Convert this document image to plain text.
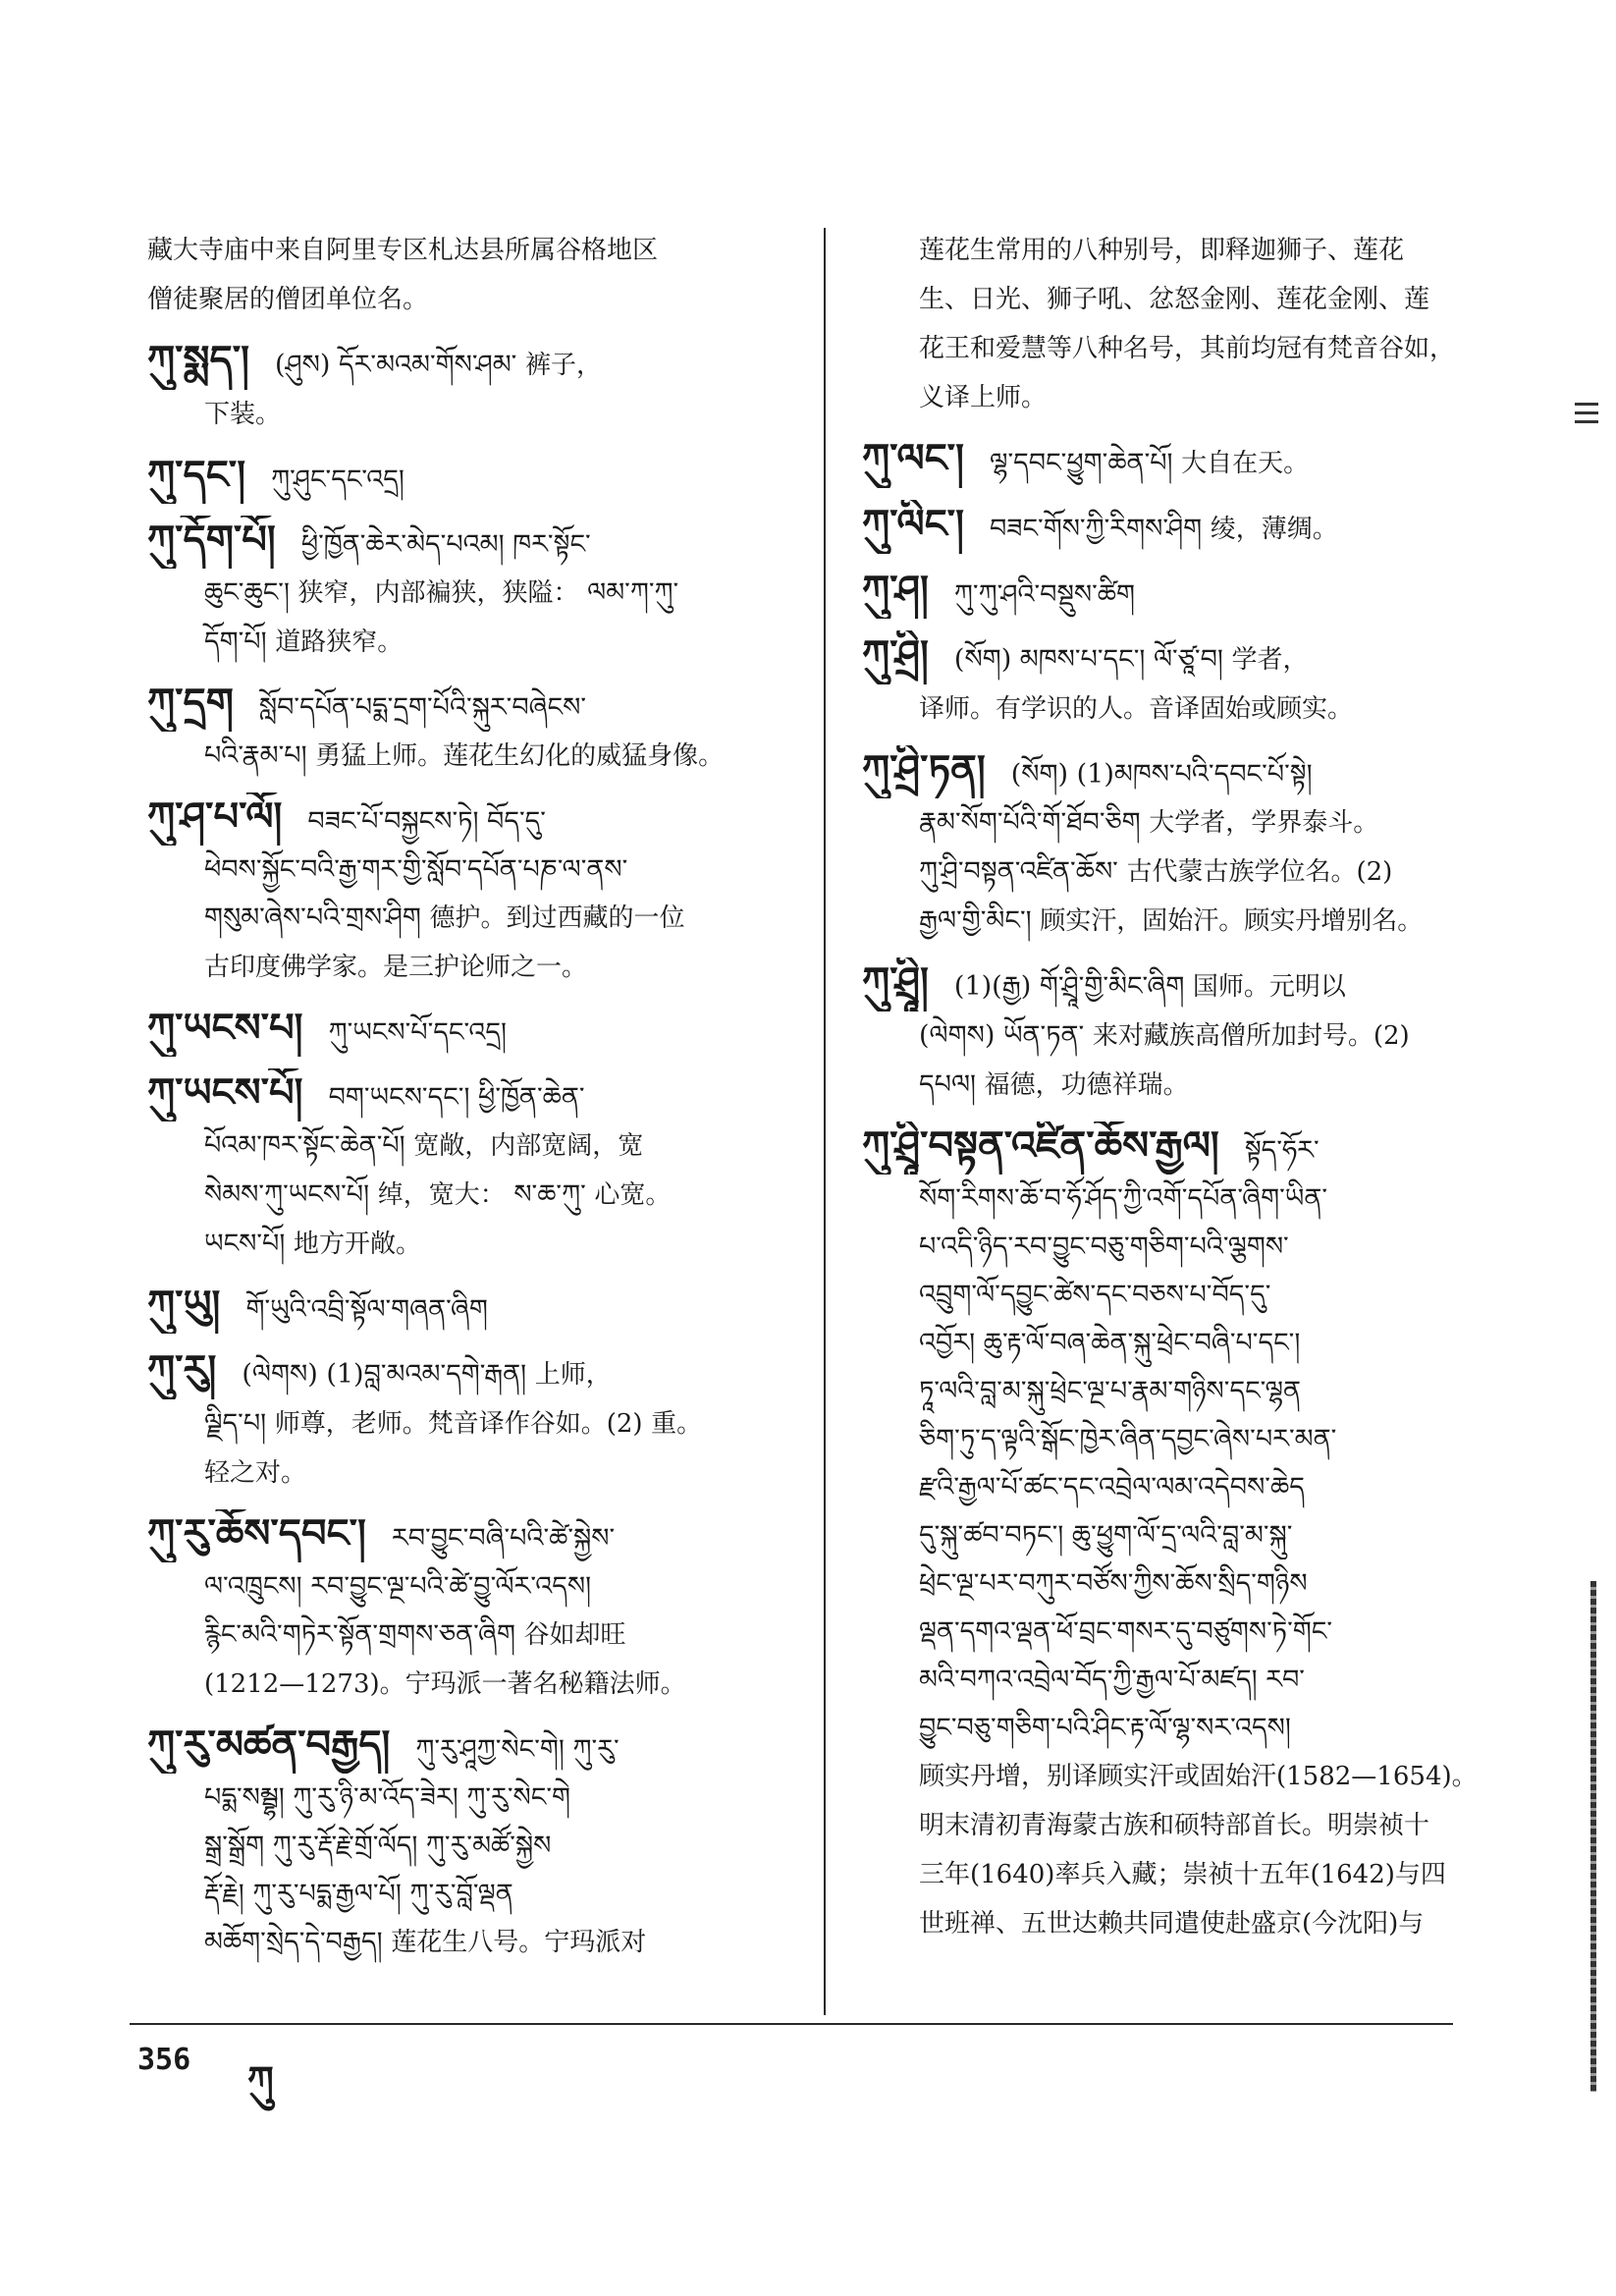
藏大寺庙中来自阿里专区札达县所属谷格地区
僧徒聚居的僧团单位名。
ཀུ་སྨད་། (ཤུས) དོར་མའམ་གོས་ཤམ་ 裤子，
下装。
ཀུ་དང་། ཀུ་ཤུང་དང་འདྲ།
ཀུ་དོག་པོ། ཕྱི་ཁྱོན་ཆེར་མེད་པའམ། ཁར་སྟོང་
ཆུང་ཆུང་། 狭窄，内部褊狭，狭隘： ལམ་ཀ་ཀུ་
དོག་པོ། 道路狭窄。
ཀུ་དྲག སློབ་དཔོན་པདྨ་དྲག་པོའི་སྐུར་བཞེངས་
པའི་རྣམ་པ། 勇猛上师。莲花生幻化的威猛身像。
ཀུ་ཤ་པ་ལོ། བཟང་པོ་བསྐྱངས་ཏེ། བོད་དུ་
ཕེབས་སྐྱོང་བའི་རྒྱ་གར་གྱི་སློབ་དཔོན་པཎ་ལ་ནས་
གསུམ་ཞེས་པའི་གྲས་ཤིག 德护。到过西藏的一位
古印度佛学家。是三护论师之一。
ཀུ་ཡངས་པ། ཀུ་ཡངས་པོ་དང་འདྲ།
ཀུ་ཡངས་པོ། བག་ཡངས་དང་། ཕྱི་ཁྱོན་ཆེན་
པོའམ་ཁར་སྟོང་ཆེན་པོ། 宽敞，内部宽阔，宽
སེམས་ཀུ་ཡངས་པོ། 绰，宽大： ས་ཆ་ཀུ་ 心宽。
ཡངས་པོ། 地方开敞。
ཀུ་ཡུ། གོ་ཡུའི་འབྲི་སྟོལ་གཞན་ཞིག
ཀུ་རུ། (ལེགས) (1)བླ་མའམ་དགེ་རྒན། 上师，
ལྗིད་པ། 师尊，老师。梵音译作谷如。(2) 重。
轻之对。
ཀུ་རུ་ཆོས་དབང་། རབ་བྱུང་བཞི་པའི་ཚེ་སྐྱེས་
ལ་འཁྲུངས། རབ་བྱུང་ལྔ་པའི་ཚེ་བྱུ་ལོར་འདས།
རྙིང་མའི་གཏེར་སྟོན་གྲགས་ཅན་ཞིག 谷如却旺
(1212—1273)。宁玛派一著名秘籍法师。
ཀུ་རུ་མཚན་བརྒྱད། ཀུ་རུ་ཤཱཀྱ་སེང་གེ། ཀུ་རུ་
པདྨ་སམྦྷ། ཀུ་རུ་ཉི་མ་འོད་ཟེར། ཀུ་རུ་སེང་གེ
སྒྲ་སྒྲོག ཀུ་རུ་རྡོ་རྗེ་གྲོ་ལོད། ཀུ་རུ་མཚོ་སྐྱེས
རྡོ་རྗེ། ཀུ་རུ་པདྨ་རྒྱལ་པོ། ཀུ་རུ་བློ་ལྡན
མཆོག་སྲེད་དེ་བརྒྱད། 莲花生八号。宁玛派对
莲花生常用的八种别号，即释迦狮子、莲花
生、日光、狮子吼、忿怒金刚、莲花金刚、莲
花王和爱慧等八种名号，其前均冠有梵音谷如，
义译上师。
ཀུ་ལང་། ལྷ་དབང་ཕྱུག་ཆེན་པོ། 大自在天。
ཀུ་ལིང་། བཟང་གོས་ཀྱི་རིགས་ཤིག 绫，薄绸。
ཀུ་ཤ། ཀུ་ཀུ་ཤའི་བསྡུས་ཚིག
ཀུ་ཤྲི། (སོག) མཁས་པ་དང་། ལོ་ཙཱ་བ། 学者，
译师。有学识的人。音译固始或顾实。
ཀུ་ཤྲི་ཏན། (སོག) (1)མཁས་པའི་དབང་པོ་སྟེ།
རྣམ་སོག་པོའི་གོ་ཐོབ་ཅིག 大学者，学界泰斗。
ཀུ་ཤྲི་བསྟན་འཛིན་ཆོས་ 古代蒙古族学位名。(2)
རྒྱལ་གྱི་མིང་། 顾实汗，固始汗。顾实丹增别名。
ཀུ་ཤྲཱི། (1)(རྒྱ) གོ་ཤྲཱི་གྱི་མིང་ཞིག 国师。元明以
(ལེགས) ཡོན་ཏན་ 来对藏族高僧所加封号。(2)
དཔལ། 福德，功德祥瑞。
ཀུ་ཤྲཱི་བསྟན་འཛིན་ཆོས་རྒྱལ། སྟོད་ཧོར་
སོག་རིགས་ཆོ་བ་ཧོ་ཤོད་ཀྱི་འགོ་དཔོན་ཞིག་ཡིན་
པ་འདི་ཉིད་རབ་བྱུང་བཅུ་གཅིག་པའི་ལྕགས་
འབྲུག་ལོ་དབྱུང་ཚེས་དང་བཅས་པ་བོད་དུ་
འབྱོར། ཆུ་རྟ་ལོ་བཞ་ཆེན་སྐུ་ཕྲེང་བཞི་པ་དང་།
ཏཱ་ལའི་བླ་མ་སྐུ་ཕྲེང་ལྔ་པ་རྣམ་གཉིས་དང་ལྷན
ཅིག་ཏུ་ད་ལྟའི་སྒོང་ཁྱེར་ཞིན་དབྱང་ཞེས་པར་མན་
རྫའི་རྒྱལ་པོ་ཚང་དང་འབྲེལ་ལམ་འདེབས་ཆེད
དུ་སྐུ་ཚབ་བཏང་། ཆུ་ཕྱུག་ལོ་དྲ་ལའི་བླ་མ་སྐུ་
ཕྲེང་ལྔ་པར་བཀུར་བཙོས་ཀྱིས་ཆོས་སྲིད་གཉིས
ལྡན་དགའ་ལྡན་ཕོ་བྲང་གསར་དུ་བཙུགས་ཏེ་གོང་
མའི་བཀའ་འབྲེལ་བོད་ཀྱི་རྒྱལ་པོ་མཛད། རབ་
བྱུང་བཅུ་གཅིག་པའི་ཤིང་རྟ་ལོ་ལྷ་སར་འདས།
顾实丹增，别译顾实汗或固始汗(1582—1654)。
明末清初青海蒙古族和硕特部首长。明崇祯十
三年(1640)率兵入藏；崇祯十五年(1642)与四
世班禅、五世达赖共同遣使赴盛京(今沈阳)与
356 ཀུ
